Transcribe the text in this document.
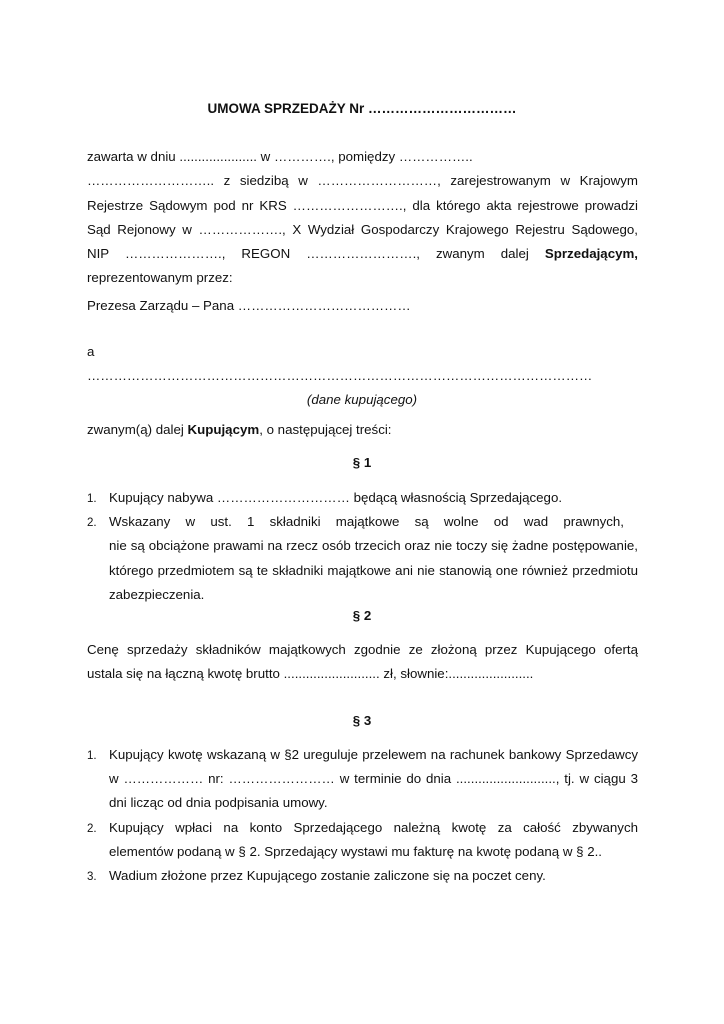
UMOWA SPRZEDAŻY Nr ……………………………
zawarta w dniu ..................... w …………., pomiędzy ……………..
……………………….. z siedzibą w ………………………, zarejestrowanym w Krajowym
Rejestrze Sądowym pod nr KRS ……………………., dla którego akta rejestrowe prowadzi
Sąd Rejonowy w ………………., X Wydział Gospodarczy Krajowego Rejestru Sądowego,
NIP …………………., REGON ……………………., zwanym dalej Sprzedającym,
reprezentowanym przez:
Prezesa Zarządu – Pana …………………………………
a
……………………………………………………………………………………………………
(dane kupującego)
zwanym(ą) dalej Kupującym, o następującej treści:
§ 1
1. Kupujący nabywa ………………………… będącą własnością Sprzedającego.
2. Wskazany w ust. 1 składniki majątkowe są wolne od wad prawnych,
nie są obciążone prawami na rzecz osób trzecich oraz nie toczy się żadne postępowanie,
którego przedmiotem są te składniki majątkowe ani nie stanowią one również przedmiotu
zabezpieczenia.
§ 2
Cenę sprzedaży składników majątkowych zgodnie ze złożoną przez Kupującego ofertą
ustala się na łączną kwotę brutto .......................... zł, słownie:.......................
§ 3
1. Kupujący kwotę wskazaną w §2 ureguluje przelewem na rachunek bankowy Sprzedawcy
w ……………… nr: …………………… w terminie do dnia ..........................., tj. w ciągu 3
dni licząc od dnia podpisania umowy.
2. Kupujący wpłaci na konto Sprzedającego należną kwotę za całość zbywanych
elementów podaną w § 2. Sprzedający wystawi mu fakturę na kwotę podaną w § 2..
3. Wadium złożone przez Kupującego zostanie zaliczone się na poczet ceny.
